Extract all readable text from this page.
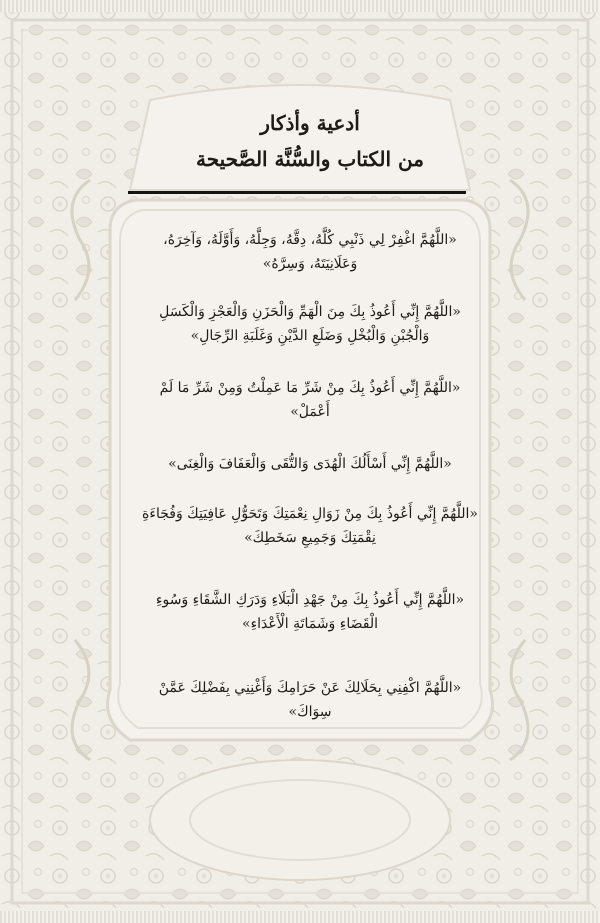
أدعية وأذكار
من الكتاب والسُّنَّة الصَّحيحة
«اللَّهُمَّ اغْفِرْ لِي ذَنْبِي كُلَّهُ، دِقَّهُ، وَجِلَّهُ، وَأَوَّلَهُ، وَآخِرَهُ، وَعَلَانِيَتَهُ، وَسِرَّهُ»
«اللَّهُمَّ إِنِّي أَعُوذُ بِكَ مِنَ الْهَمِّ وَالْحَزَنِ وَالْعَجْزِ وَالْكَسَلِ وَالْجُبْنِ وَالْبُخْلِ وَضَلَعِ الدَّيْنِ وَغَلَبَةِ الرِّجَالِ»
«اللَّهُمَّ إِنِّي أَعُوذُ بِكَ مِنْ شَرِّ مَا عَمِلْتُ وَمِنْ شَرِّ مَا لَمْ أَعْمَلْ»
«اللَّهُمَّ إِنِّي أَسْأَلُكَ الْهُدَى وَالتُّقَى وَالْعَفَافَ وَالْغِنَى»
«اللَّهُمَّ إِنِّي أَعُوذُ بِكَ مِنْ زَوَالِ نِعْمَتِكَ وَتَحَوُّلِ عَافِيَتِكَ وَفُجَاءَةِ نِقْمَتِكَ وَجَمِيعِ سَخَطِكَ»
«اللَّهُمَّ إِنِّي أَعُوذُ بِكَ مِنْ جَهْدِ الْبَلَاءِ وَدَرَكِ الشَّقَاءِ وَسُوءِ الْقَضَاءِ وَشَمَاتَةِ الْأَعْدَاءِ»
«اللَّهُمَّ اكْفِنِي بِحَلَالِكَ عَنْ حَرَامِكَ وَأَغْنِنِي بِفَضْلِكَ عَمَّنْ سِوَاكَ»
